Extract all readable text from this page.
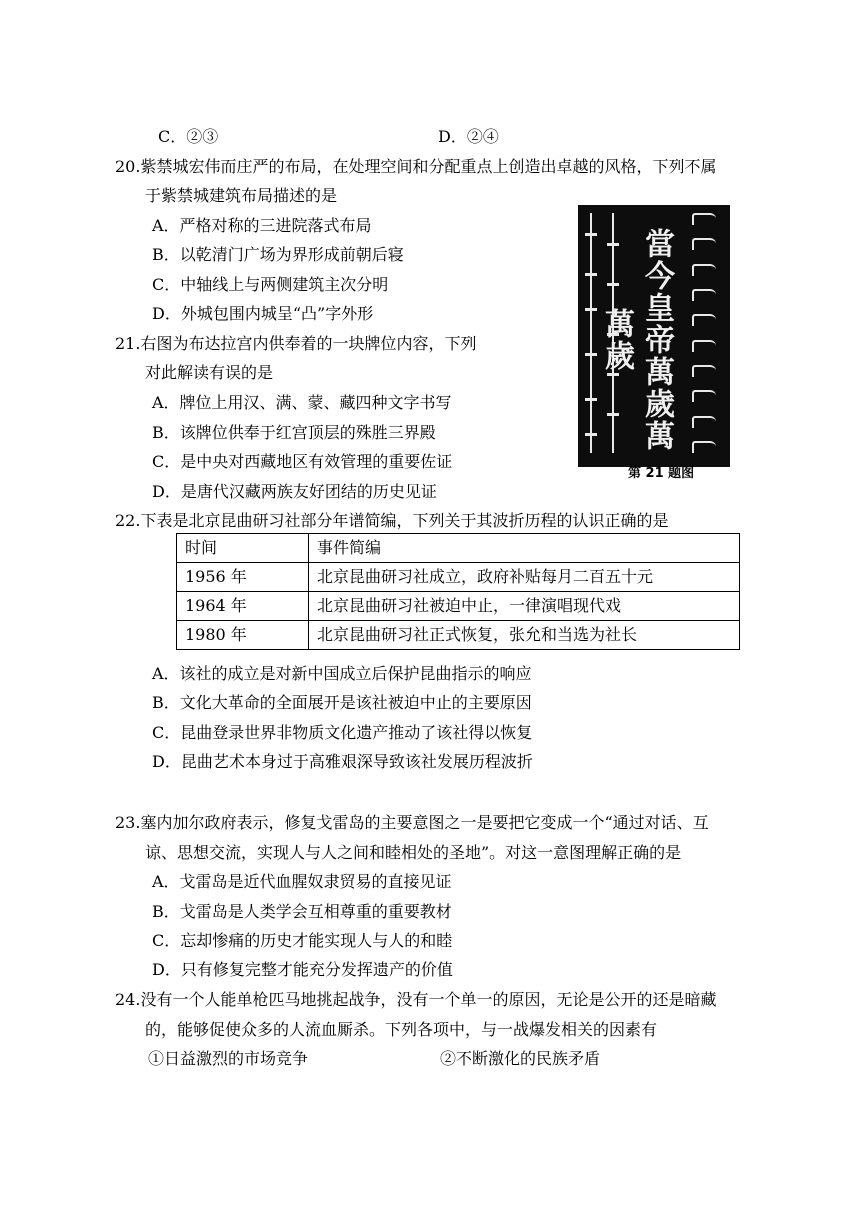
C．②③	D．②④
20.紫禁城宏伟而庄严的布局，在处理空间和分配重点上创造出卓越的风格，下列不属
于紫禁城建筑布局描述的是
A．严格对称的三进院落式布局
B．以乾清门广场为界形成前朝后寝
C．中轴线上与两侧建筑主次分明
D．外城包围内城呈“凸”字外形
21.右图为布达拉宫内供奉着的一块牌位内容，下列
对此解读有误的是
A．牌位上用汉、满、蒙、藏四种文字书写
B．该牌位供奉于红宫顶层的殊胜三界殿
C．是中央对西藏地区有效管理的重要佐证
D．是唐代汉藏两族友好团结的历史见证
當今皇帝萬歲萬萬歲
第 21 题图
22.下表是北京昆曲研习社部分年谱简编，下列关于其波折历程的认识正确的是
时间	事件简编
1956 年	北京昆曲研习社成立，政府补贴每月二百五十元
1964 年	北京昆曲研习社被迫中止，一律演唱现代戏
1980 年	北京昆曲研习社正式恢复，张允和当选为社长
A．该社的成立是对新中国成立后保护昆曲指示的响应
B．文化大革命的全面展开是该社被迫中止的主要原因
C．昆曲登录世界非物质文化遗产推动了该社得以恢复
D．昆曲艺术本身过于高雅艰深导致该社发展历程波折
23.塞内加尔政府表示，修复戈雷岛的主要意图之一是要把它变成一个“通过对话、互
谅、思想交流，实现人与人之间和睦相处的圣地”。对这一意图理解正确的是
A．戈雷岛是近代血腥奴隶贸易的直接见证
B．戈雷岛是人类学会互相尊重的重要教材
C．忘却惨痛的历史才能实现人与人的和睦
D．只有修复完整才能充分发挥遗产的价值
24.没有一个人能单枪匹马地挑起战争，没有一个单一的原因，无论是公开的还是暗藏
的，能够促使众多的人流血厮杀。下列各项中，与一战爆发相关的因素有
①日益激烈的市场竞争	②不断激化的民族矛盾
